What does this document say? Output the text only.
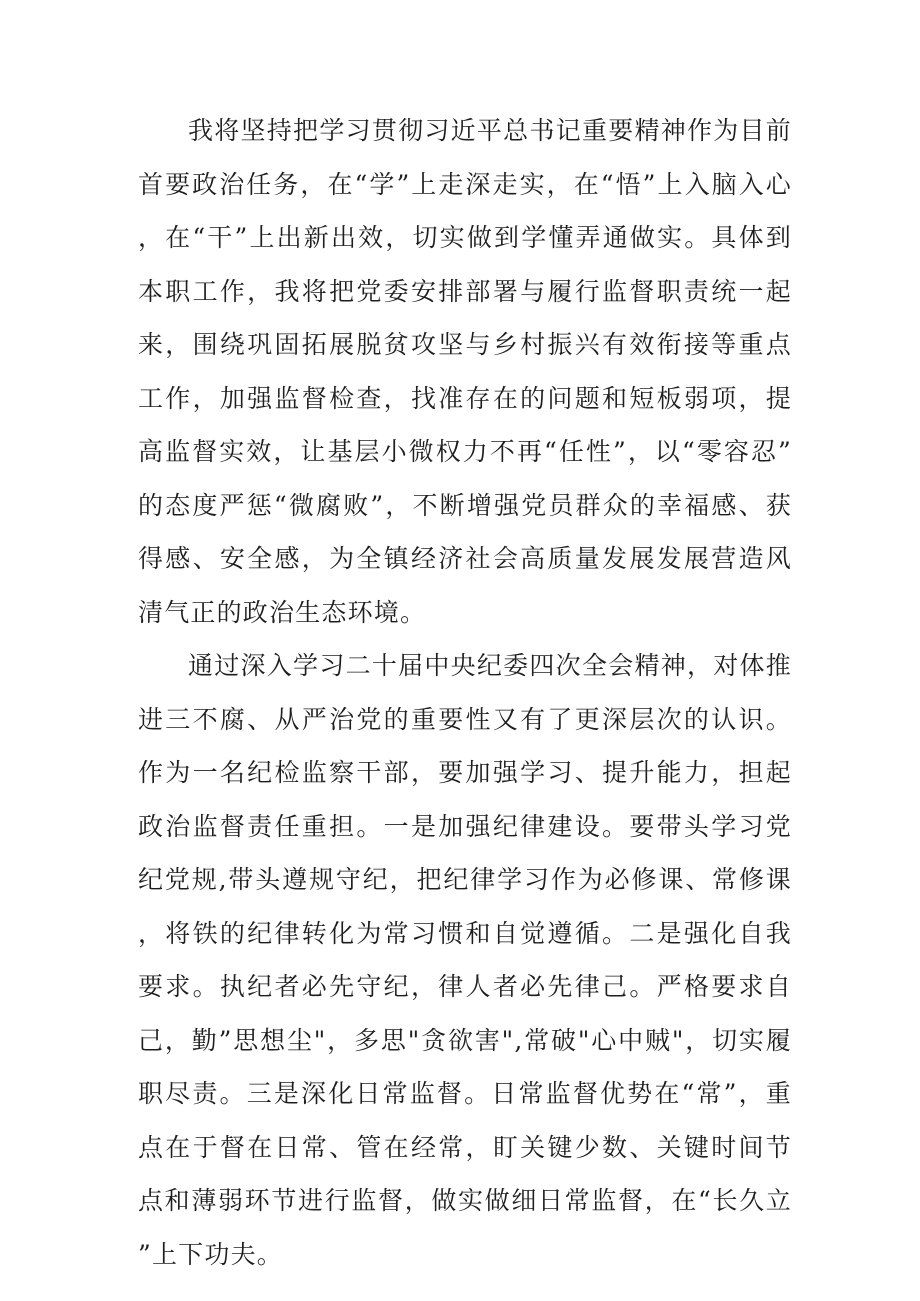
我将坚持把学习贯彻习近平总书记重要精神作为目前首要政治任务，在“学”上走深走实，在“悟”上入脑入心，在“干”上出新出效，切实做到学懂弄通做实。具体到本职工作，我将把党委安排部署与履行监督职责统一起来，围绕巩固拓展脱贫攻坚与乡村振兴有效衔接等重点工作，加强监督检查，找准存在的问题和短板弱项，提高监督实效，让基层小微权力不再“任性”，以“零容忍”的态度严惩“微腐败”，不断增强党员群众的幸福感、获得感、安全感，为全镇经济社会高质量发展发展营造风清气正的政治生态环境。

通过深入学习二十届中央纪委四次全会精神，对体推进三不腐、从严治党的重要性又有了更深层次的认识。作为一名纪检监察干部，要加强学习、提升能力，担起政治监督责任重担。一是加强纪律建设。要带头学习党纪党规,带头遵规守纪，把纪律学习作为必修课、常修课，将铁的纪律转化为常习惯和自觉遵循。二是强化自我要求。执纪者必先守纪，律人者必先律己。严格要求自己，勤”思想尘"，多思"贪欲害",常破"心中贼"，切实履职尽责。三是深化日常监督。日常监督优势在“常”，重点在于督在日常、管在经常，盯关键少数、关键时间节点和薄弱环节进行监督，做实做细日常监督，在“长久立”上下功夫。
